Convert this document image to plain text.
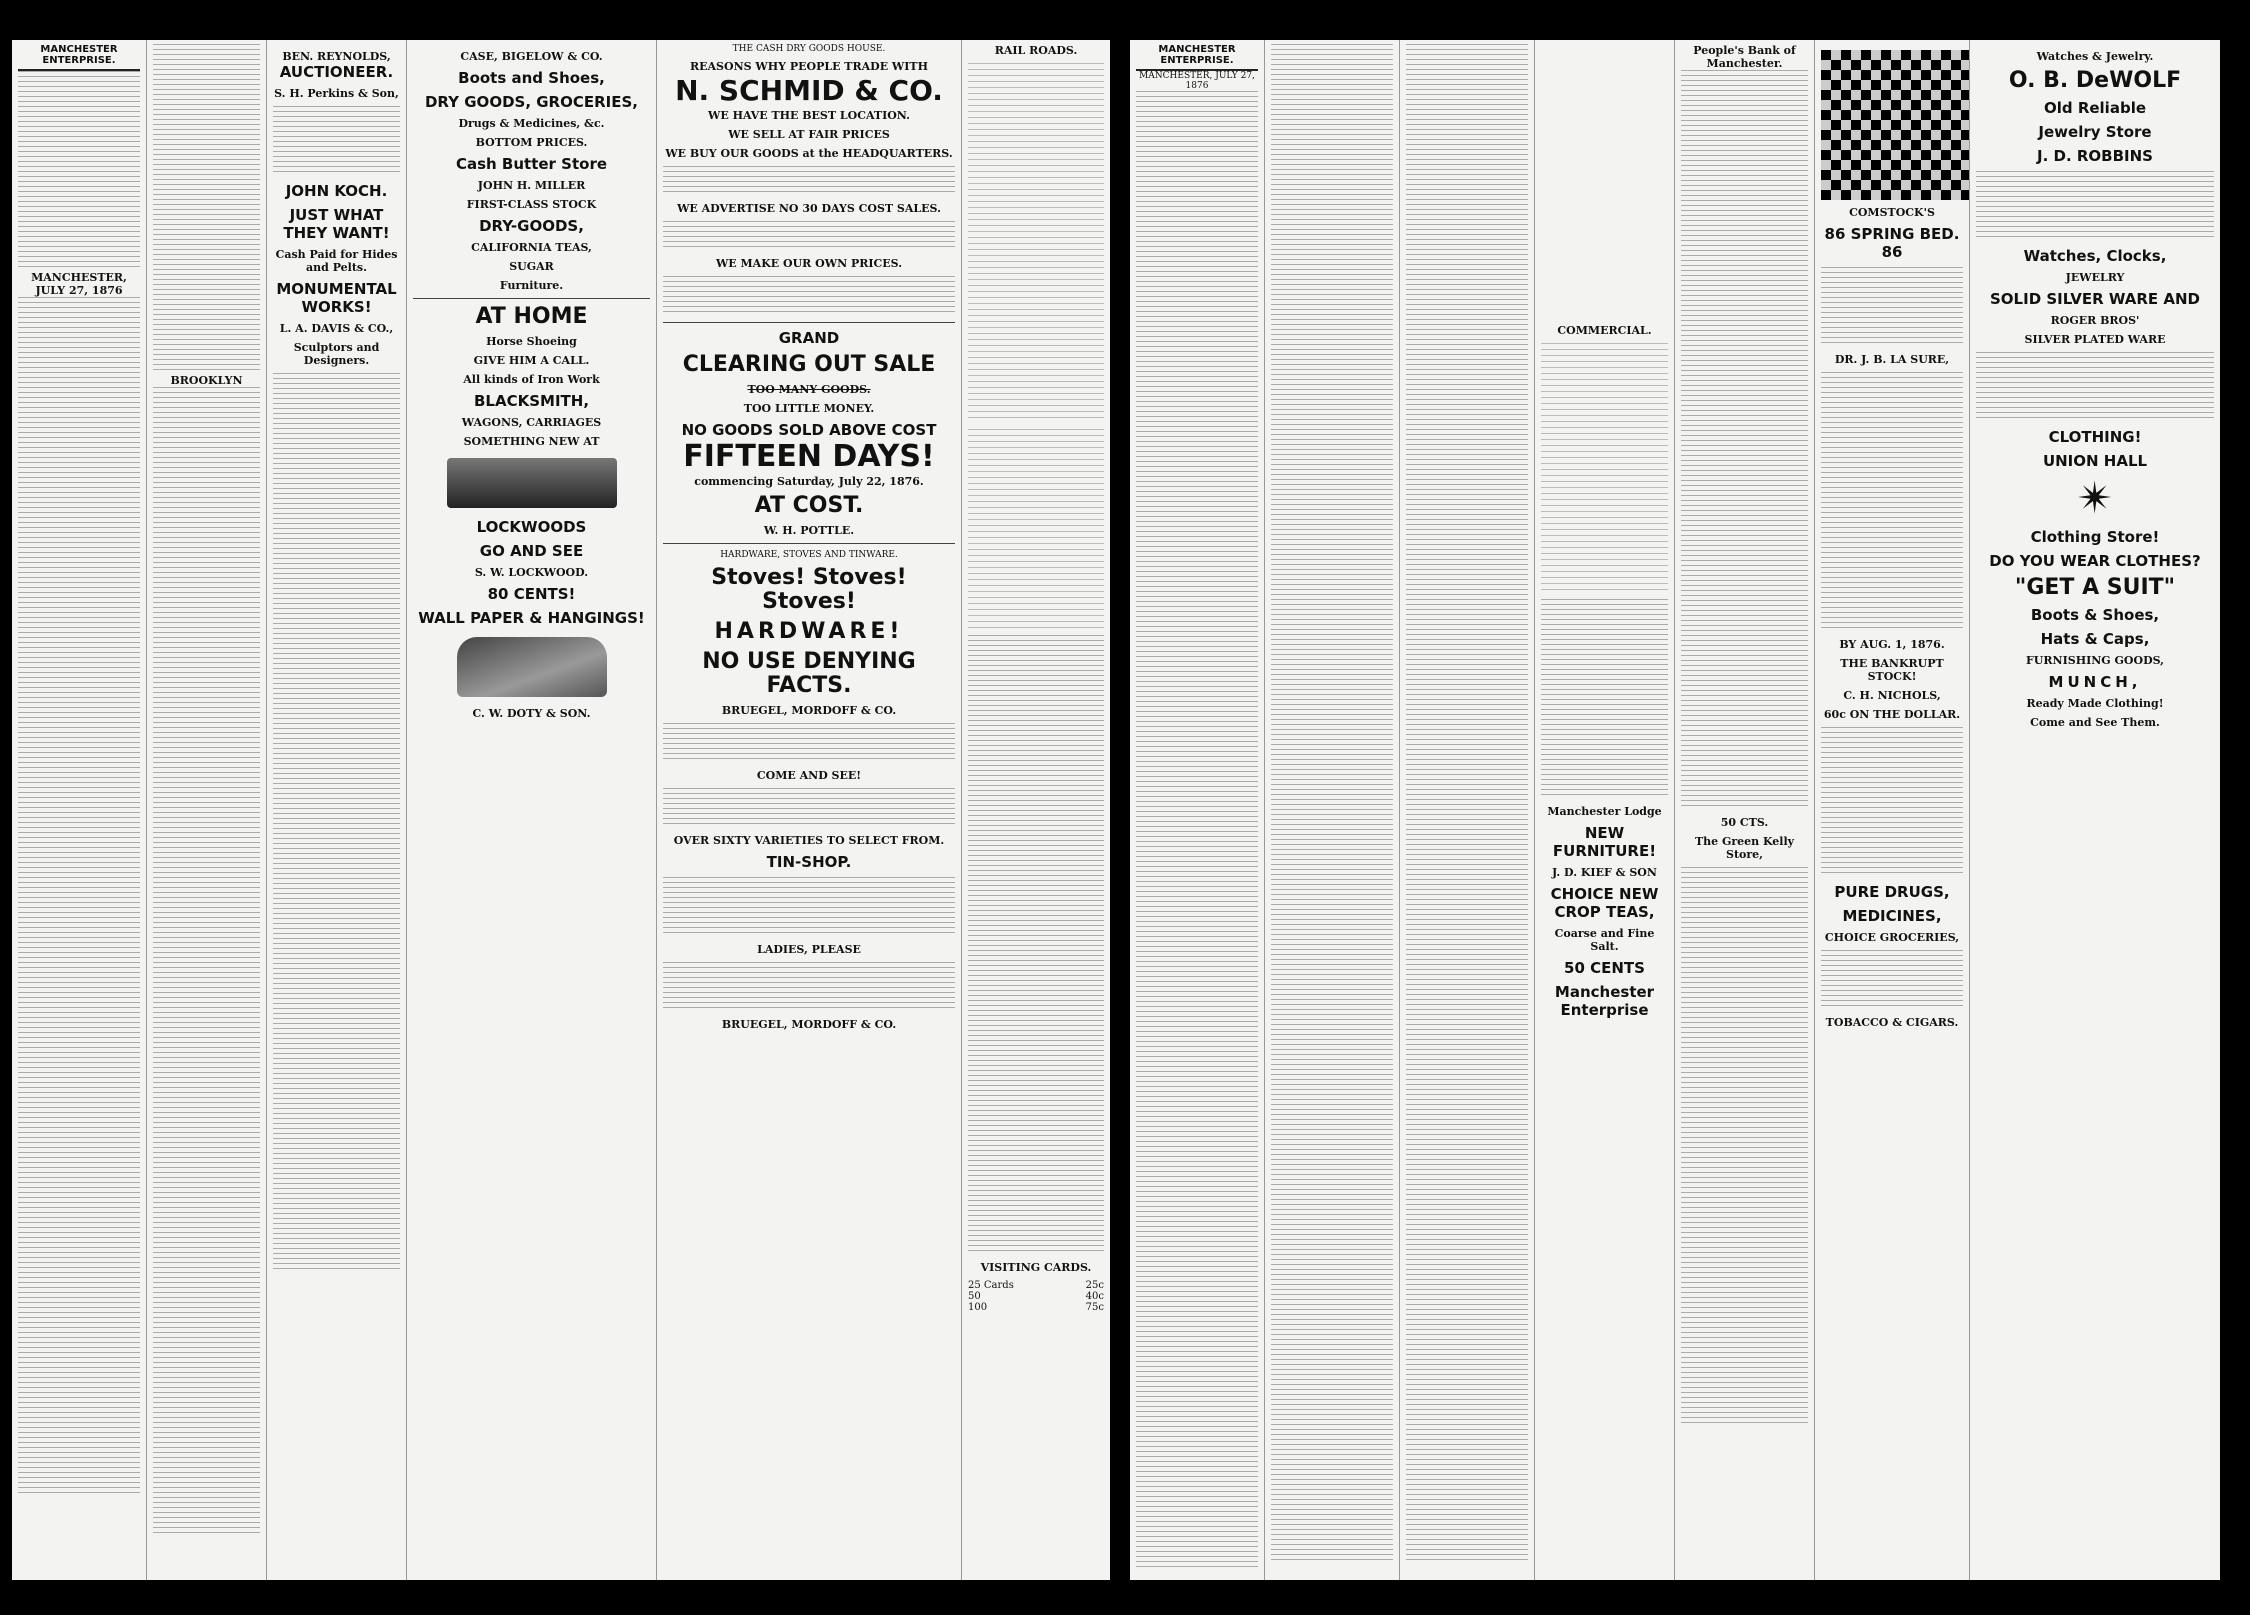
MANCHESTER ENTERPRISE.
MANCHESTER, JULY 27, 1876
BROOKLYN
BEN. REYNOLDS,
AUCTIONEER.
S. H. Perkins & Son,
JOHN KOCH.
JUST WHAT THEY WANT!
Cash Paid for Hides and Pelts.
MONUMENTAL WORKS!
L. A. DAVIS & CO.,
Sculptors and Designers.
CASE, BIGELOW & CO.
Boots and Shoes,
DRY GOODS, GROCERIES,
Drugs & Medicines, &c.
BOTTOM PRICES.
Cash Butter Store
JOHN H. MILLER
FIRST-CLASS STOCK
DRY-GOODS,
CALIFORNIA TEAS,
SUGAR
Furniture.
AT HOME
Horse Shoeing
GIVE HIM A CALL.
All kinds of Iron Work
BLACKSMITH,
WAGONS, CARRIAGES
SOMETHING NEW AT
LOCKWOODS
GO AND SEE
S. W. LOCKWOOD.
80 CENTS!
WALL PAPER & HANGINGS!
C. W. DOTY & SON.
THE CASH DRY GOODS HOUSE.
REASONS WHY PEOPLE TRADE WITH
N. SCHMID & CO.
WE HAVE THE BEST LOCATION.
WE SELL AT FAIR PRICES
WE BUY OUR GOODS at the HEADQUARTERS.
WE ADVERTISE NO 30 DAYS COST SALES.
WE MAKE OUR OWN PRICES.
GRAND
CLEARING OUT SALE
TOO MANY GOODS.
TOO LITTLE MONEY.
NO GOODS SOLD ABOVE COST
FIFTEEN DAYS!
commencing Saturday, July 22, 1876.
AT COST.
W. H. POTTLE.
HARDWARE, STOVES AND TINWARE.
Stoves! Stoves! Stoves!
HARDWARE!
NO USE DENYING FACTS.
BRUEGEL, MORDOFF & CO.
COME AND SEE!
OVER SIXTY VARIETIES TO SELECT FROM.
TIN-SHOP.
LADIES, PLEASE
BRUEGEL, MORDOFF & CO.
RAIL ROADS.
VISITING CARDS.
25 Cards	25c
50	40c
100	75c
MANCHESTER ENTERPRISE.
MANCHESTER, JULY 27, 1876
COMMERCIAL.
Manchester Lodge
NEW FURNITURE!
J. D. KIEF & SON
CHOICE NEW CROP TEAS,
Coarse and Fine Salt.
50 CENTS
Manchester Enterprise
People's Bank of Manchester.
50 CTS.
The Green Kelly Store,
COMSTOCK'S
86 SPRING BED. 86
DR. J. B. LA SURE,
BY AUG. 1, 1876.
THE BANKRUPT STOCK!
C. H. NICHOLS,
60c ON THE DOLLAR.
PURE DRUGS,
MEDICINES,
CHOICE GROCERIES,
TOBACCO & CIGARS.
Watches & Jewelry.
O. B. DeWOLF
Old Reliable
Jewelry Store
J. D. ROBBINS
Watches, Clocks,
JEWELRY
SOLID SILVER WARE AND
ROGER BROS'
SILVER PLATED WARE
CLOTHING!
UNION HALL
✴
Clothing Store!
DO YOU WEAR CLOTHES?
"GET A SUIT"
Boots & Shoes,
Hats & Caps,
FURNISHING GOODS,
MUNCH,
Ready Made Clothing!
Come and See Them.
